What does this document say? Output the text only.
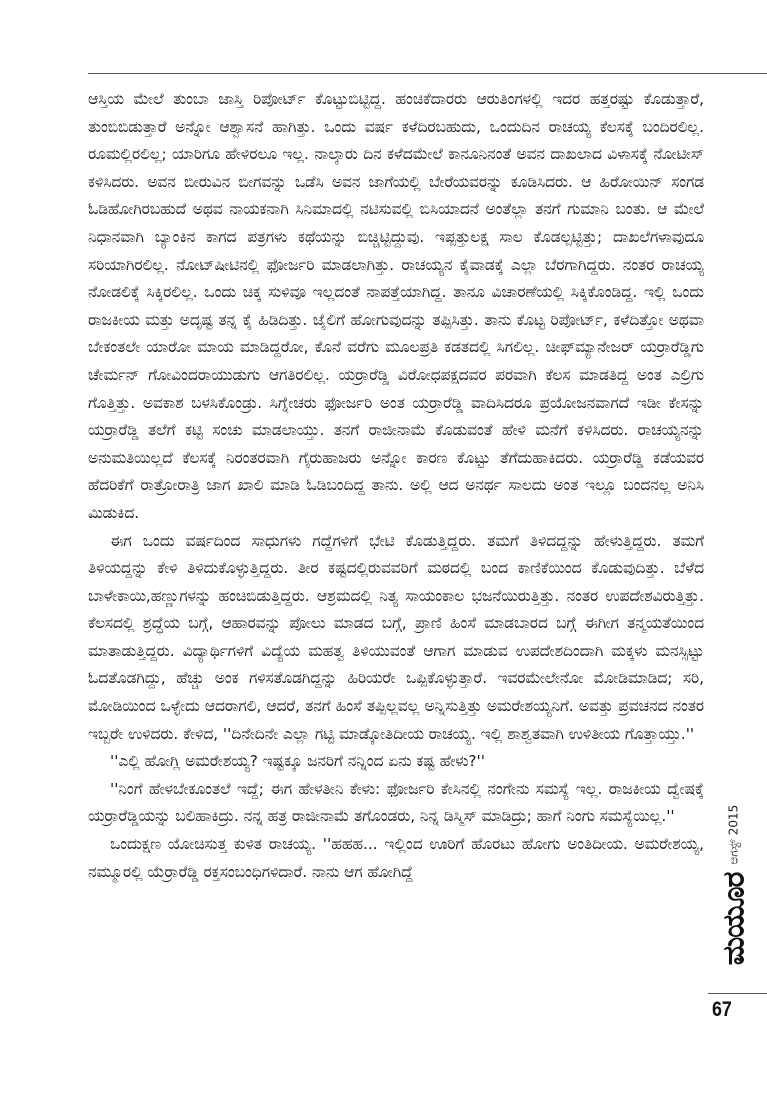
ಆಸ್ತಿಯ ಮೇಲೆ ತುಂಬಾ ಜಾಸ್ತಿ ರಿಪೋರ್ಟ್ ಕೊಟ್ಟುಬಿಟ್ಟಿದ್ದ. ಹಂಚಿಕೆದಾರರು ಆರುತಿಂಗಳಲ್ಲಿ ಇದರ ಹತ್ತರಷ್ಟು ಕೊಡುತ್ತಾರೆ, ತುಂಬಿಬಿಡುತ್ತಾರೆ ಅನ್ನೋ ಆಶ್ವಾಸನೆ ಹಾಗಿತ್ತು. ಒಂದು ವರ್ಷ ಕಳೆದಿರಬಹುದು, ಒಂದುದಿನ ರಾಚಯ್ಯ ಕೆಲಸಕ್ಕೆ ಬಂದಿರಲಿಲ್ಲ. ರೂಮಲ್ಲಿರಲಿಲ್ಲ; ಯಾರಿಗೂ ಹೇಳಿರಲೂ ಇಲ್ಲ. ನಾಲ್ಕಾರು ದಿನ ಕಳೆದಮೇಲೆ ಕಾನೂನಿನಂತೆ ಅವನ ದಾಖಲಾದ ವಿಳಾಸಕ್ಕೆ ನೋಟೀಸ್ ಕಳಿಸಿದರು. ಅವನ ಬೀರುವಿನ ಬೀಗವನ್ನು ಒಡೆಸಿ ಅವನ ಜಾಗೆಯಲ್ಲಿ ಬೇರೆಯವರನ್ನು ಕೂಡಿಸಿದರು. ಆ ಹಿರೋಯಿನ್ ಸಂಗಡ ಓಡಿಹೋಗಿರಬಹುದೆ ಅಥವ ನಾಯಕನಾಗಿ ಸಿನಿಮಾದಲ್ಲಿ ನಟಿಸುವಲ್ಲಿ ಬಿಸಿಯಾದನೆ ಅಂತೆಲ್ಲಾ ತನಗೆ ಗುಮಾನಿ ಬಂತು. ಆ ಮೇಲೆ ನಿಧಾನವಾಗಿ ಬ್ಯಾಂಕಿನ ಕಾಗದ ಪತ್ರಗಳು ಕಥೆಯನ್ನು ಬಿಚ್ಚಿಟ್ಟಿದ್ದುವು. ಇಪ್ಪತ್ತುಲಕ್ಷ ಸಾಲ ಕೊಡಲ್ಪಟ್ಟಿತ್ತು; ದಾಖಲೆಗಳಾವುದೂ ಸರಿಯಾಗಿರಲಿಲ್ಲ. ನೋಟ್‌ಷೀಟಿನಲ್ಲಿ ಫೋರ್ಜರಿ ಮಾಡಲಾಗಿತ್ತು. ರಾಚಯ್ಯನ ಕೈವಾಡಕ್ಕೆ ಎಲ್ಲಾ ಬೆರಗಾಗಿದ್ದರು. ನಂತರ ರಾಚಯ್ಯ ನೋಡಲಿಕ್ಕೆ ಸಿಕ್ಕಿರಲಿಲ್ಲ. ಒಂದು ಚಿಕ್ಕ ಸುಳಿವೂ ಇಲ್ಲದಂತೆ ನಾಪತ್ತೆಯಾಗಿದ್ದ. ತಾನೂ ವಿಚಾರಣೆಯಲ್ಲಿ ಸಿಕ್ಕಿಕೊಂಡಿದ್ದ. ಇಲ್ಲಿ ಒಂದು ರಾಜಕೀಯ ಮತ್ತು ಅದೃಷ್ಟ ತನ್ನ ಕೈ ಹಿಡಿದಿತ್ತು. ಜೈಲಿಗೆ ಹೋಗುವುದನ್ನು ತಪ್ಪಿಸಿತ್ತು. ತಾನು ಕೊಟ್ಟ ರಿಪೋರ್ಟ್, ಕಳೆದಿತ್ತೋ ಅಥವಾ ಬೇಕಂತಲೇ ಯಾರೋ ಮಾಯ ಮಾಡಿದ್ದರೋ, ಕೊನೆ ವರೆಗು ಮೂಲಪ್ರತಿ ಕಡತದಲ್ಲಿ ಸಿಗಲಿಲ್ಲ. ಚೀಫ್‌ಮ್ಯಾನೇಜರ್ ಯರ್‍ರಾರೆಡ್ಡಿಗು ಚೇರ್ಮನ್ ಗೋವಿಂದರಾಯುಡುಗು ಆಗತಿರಲಿಲ್ಲ. ಯರ್‍ರಾರೆಡ್ಡಿ ವಿರೋಧಪಕ್ಷದವರ ಪರವಾಗಿ ಕೆಲಸ ಮಾಡತಿದ್ದ ಅಂತ ಎಲ್ರಿಗು ಗೊತ್ತಿತ್ತು. ಅವಕಾಶ ಬಳಸಿಕೊಂಡ್ರು. ಸಿಗ್ನೇಚರು ಫೋರ್ಜರಿ ಅಂತ ಯರ್‍ರಾರೆಡ್ಡಿ ವಾದಿಸಿದರೂ ಪ್ರಯೋಜನವಾಗದೆ ಇಡೀ ಕೇಸನ್ನು ಯರ್‍ರಾರೆಡ್ಡಿ ತಲೆಗೆ ಕಟ್ಟಿ ಸಂಚು ಮಾಡಲಾಯ್ತು. ತನಗೆ ರಾಜೀನಾಮೆ ಕೊಡುವಂತೆ ಹೇಳಿ ಮನೆಗೆ ಕಳಿಸಿದರು. ರಾಚಯ್ಯನನ್ನು ಅನುಮತಿಯಿಲ್ಲದೆ ಕೆಲಸಕ್ಕೆ ನಿರಂತರವಾಗಿ ಗೈರುಹಾಜರು ಅನ್ನೋ ಕಾರಣ ಕೊಟ್ಟು ತೆಗೆದುಹಾಕಿದರು. ಯರ್‍ರಾರೆಡ್ಡಿ ಕಡೆಯವರ ಹೆದರಿಕೆಗೆ ರಾತ್ರೋರಾತ್ರಿ ಜಾಗ ಖಾಲಿ ಮಾಡಿ ಓಡಿಬಂದಿದ್ದ ತಾನು. ಅಲ್ಲಿ ಆದ ಅನರ್ಥ ಸಾಲದು ಅಂತ ಇಲ್ಲೂ ಬಂದನಲ್ಲ ಅನಿಸಿ ಮಿಡುಕಿದ.

ಈಗ ಒಂದು ವರ್ಷದಿಂದ ಸಾಧುಗಳು ಗದ್ದೆಗಳಿಗೆ ಭೇಟಿ ಕೊಡುತ್ತಿದ್ದರು. ತಮಗೆ ತಿಳಿದದ್ದನ್ನು ಹೇಳುತ್ತಿದ್ದರು. ತಮಗೆ ತಿಳಿಯದ್ದನ್ನು ಕೇಳಿ ತಿಳಿದುಕೊಳ್ಳುತ್ತಿದ್ದರು. ತೀರ ಕಷ್ಟದಲ್ಲಿರುವವರಿಗೆ ಮಠದಲ್ಲಿ ಬಂದ ಕಾಣಿಕೆಯಿಂದ ಕೊಡುವುದಿತ್ತು. ಬೆಳೆದ ಬಾಳೇಕಾಯಿ,ಹಣ್ಣುಗಳನ್ನು ಹಂಚಿಬಿಡುತ್ತಿದ್ದರು. ಆಶ್ರಮದಲ್ಲಿ ನಿತ್ಯ ಸಾಯಂಕಾಲ ಭಜನೆಯಿರುತ್ತಿತ್ತು. ನಂತರ ಉಪದೇಶವಿರುತ್ತಿತ್ತು. ಕೆಲಸದಲ್ಲಿ ಶ್ರದ್ಧೆಯ ಬಗ್ಗೆ, ಆಹಾರವನ್ನು ಪೋಲು ಮಾಡದ ಬಗ್ಗೆ, ಪ್ರಾಣಿ ಹಿಂಸೆ ಮಾಡಬಾರದ ಬಗ್ಗೆ ಈಗೀಗ ತನ್ಮಯತೆಯಿಂದ ಮಾತಾಡುತ್ತಿದ್ದರು. ವಿದ್ಯಾರ್ಥಿಗಳಿಗೆ ವಿದ್ಯೆಯ ಮಹತ್ವ ತಿಳಿಯುವಂತೆ ಆಗಾಗ ಮಾಡುವ ಉಪದೇಶದಿಂದಾಗಿ ಮಕ್ಕಳು ಮನಸ್ಸಿಟ್ಟು ಓದತೊಡಗಿದ್ದು, ಹೆಚ್ಚು ಅಂಕ ಗಳಿಸತೊಡಗಿದ್ದನ್ನು ಹಿರಿಯರೇ ಒಪ್ಪಿಕೊಳ್ಳುತ್ತಾರೆ. ಇವರಮೇಲೇನೋ ಮೋಡಿಮಾಡಿದ; ಸರಿ, ಮೋಡಿಯಿಂದ ಒಳ್ಳೇದು ಆದರಾಗಲಿ, ಆದರೆ, ತನಗೆ ಹಿಂಸೆ ತಪ್ಪಿಲ್ಲವಲ್ಲ ಅನ್ನಿಸುತ್ತಿತ್ತು ಅಮರೇಶಯ್ಯನಿಗೆ. ಅವತ್ತು ಪ್ರವಚನದ ನಂತರ ಇಬ್ಬರೇ ಉಳಿದರು. ಕೇಳಿದ, ''ದಿನೇದಿನೇ ಎಲ್ಲಾ ಗಟ್ಟಿ ಮಾಡ್ಕೋತಿದೀಯ ರಾಚಯ್ಯ. ಇಲ್ಲಿ ಶಾಶ್ವತವಾಗಿ ಉಳಿತೀಯ ಗೊತ್ತಾಯ್ತು.''

''ಎಲ್ಲಿ ಹೋಗ್ಲಿ ಅಮರೇಶಯ್ಯ? ಇಷ್ಟಕ್ಕೂ ಜನರಿಗೆ ನನ್ನಿಂದ ಏನು ಕಷ್ಟ ಹೇಳು?''

''ನಿಂಗೆ ಹೇಳಬೇಕೂಂತಲೆ ಇದ್ದೆ; ಈಗ ಹೇಳತೀನಿ ಕೇಳು: ಫೋರ್ಜರಿ ಕೇಸಿನಲ್ಲಿ ನಂಗೇನು ಸಮಸ್ಯೆ ಇಲ್ಲ. ರಾಜಕೀಯ ದ್ವೇಷಕ್ಕೆ ಯರ್‍ರಾರೆಡ್ಡಿಯನ್ನು ಬಲಿಹಾಕಿದ್ರು. ನನ್ನ ಹತ್ರ ರಾಜೀನಾಮೆ ತಗೊಂಡರು, ನಿನ್ನ ಡಿಸ್ಮಿಸ್ ಮಾಡಿದ್ರು; ಹಾಗೆ ನಿಂಗು ಸಮಸ್ಯೆಯಿಲ್ಲ.''

ಒಂದುಕ್ಷಣ ಯೋಚಿಸುತ್ತ ಕುಳಿತ ರಾಚಯ್ಯ. ''ಹಹಹ... ಇಲ್ಲಿಂದ ಊರಿಗೆ ಹೊರಟು ಹೋಗು ಅಂತಿದೀಯ. ಅಮರೇಶಯ್ಯ, ನಮ್ಮೂರಲ್ಲಿ ಯೆರ್‍ರಾರೆಡ್ಡಿ ರಕ್ತಸಂಬಂಧಿಗಳಿದಾರೆ. ನಾನು ಆಗ ಹೋಗಿದ್ದೆ

ಮಯೂರ
ಆಗಸ್ಟ್ 2015
67
